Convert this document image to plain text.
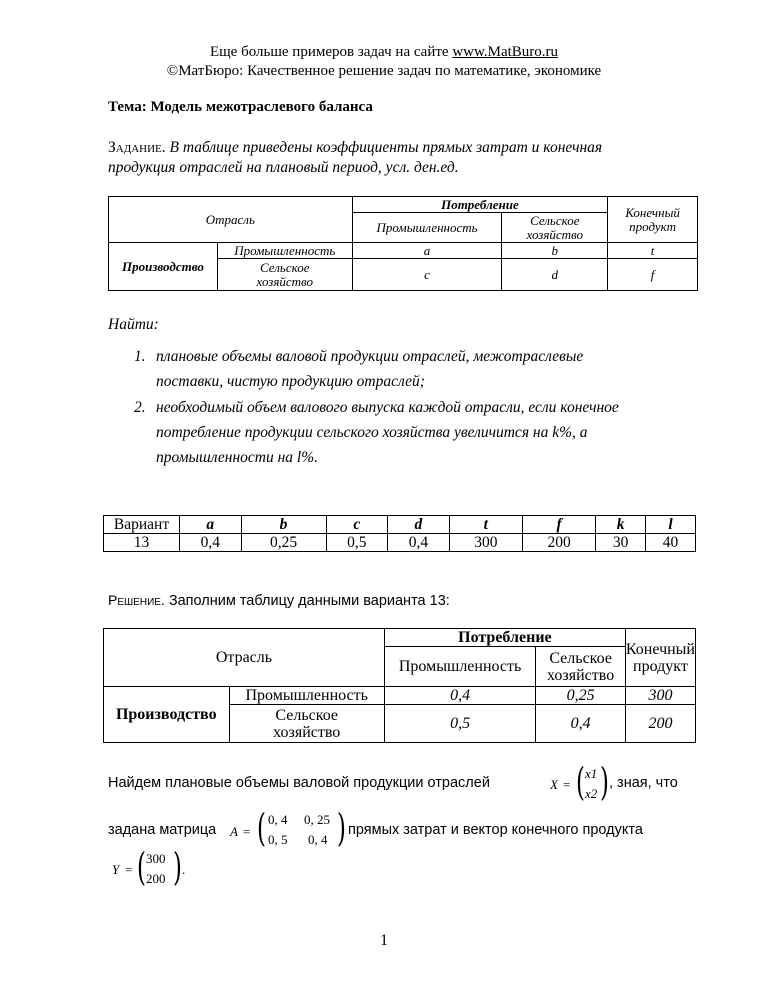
Еще больше примеров задач на сайте www.MatBuro.ru
©МатБюро: Качественное решение задач по математике, экономике
Тема: Модель межотраслевого баланса
Задание. В таблице приведены коэффициенты прямых затрат и конечная
продукция отраслей на плановый период, усл. ден.ед.
Отрасль		Потребление		Конечный
продукт
		Промышленность	Сельское
хозяйство	
Производство	Промышленность	a	b	t
	Сельское
хозяйство	c	d	f
Найти:
1. плановые объемы валовой продукции отраслей, межотраслевые
поставки, чистую продукцию отраслей;
2. необходимый объем валового выпуска каждой отрасли, если конечное
потребление продукции сельского хозяйства увеличится на k%, а
промышленности на l%.
Вариант	a	b	c	d	t	f	k	l
13	0,4	0,25	0,5	0,4	300	200	30	40
Решение. Заполним таблицу данными варианта 13:
Отрасль		Потребление		Конечный
продукт
		Промышленность	Сельское
хозяйство	
Производство	Промышленность	0,4	0,25	300
	Сельское
хозяйство	0,5	0,4	200
Найдем плановые объемы валовой продукции отраслей	X = ( x1
x2 ) , зная, что
задана матрица A = ( 0, 4 0, 25
0, 5 0, 4 ) прямых затрат и вектор конечного продукта
Y = ( 300
200 ) .
1
